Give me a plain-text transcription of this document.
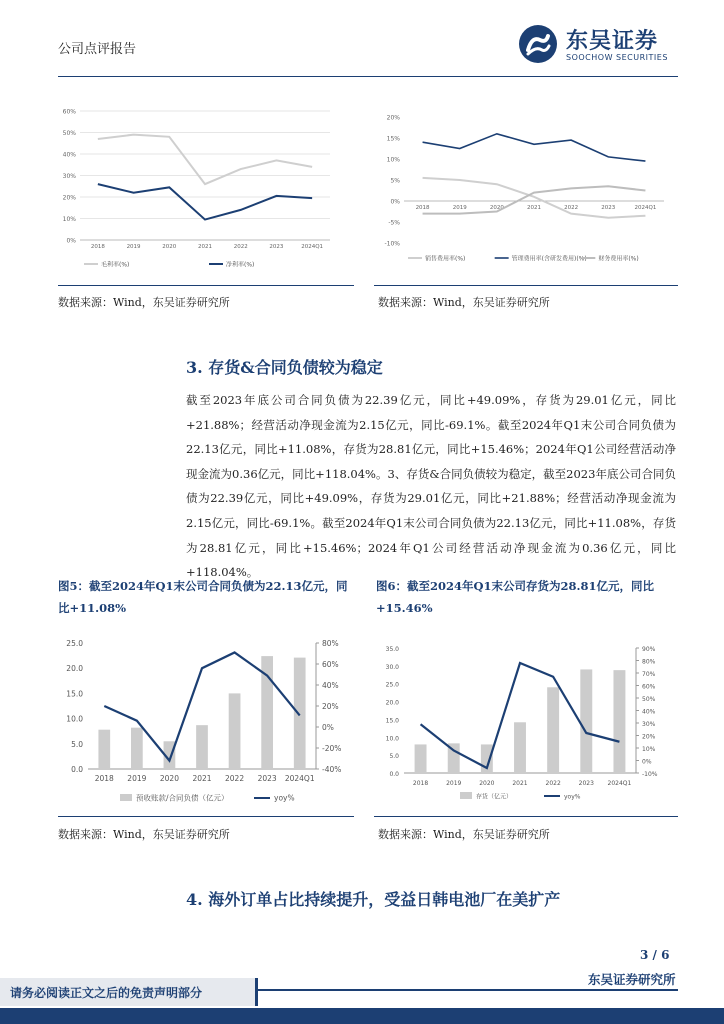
公司点评报告	东吴证券
SOOCHOW SECURITIES
0%
10%
20%
30%
40%
50%
60%
2018	2019	2020	2021	2022	2023	2024Q1
毛利率(%)	净利率(%)
-10%
-5%
0%
5%
10%
15%
20%
2018	2019	2020	2021	2022	2023	2024Q1
销售费用率(%)	管理费用率(含研发费用)(%) 财务费用率(%)
数据来源：Wind，东吴证券研究所	数据来源：Wind，东吴证券研究所
3. 存货&合同负债较为稳定
截至2023年底公司合同负债为22.39亿元，同比+49.09%，存货为29.01亿元，同比+21.88%；经营活动净现金流为2.15亿元，同比-69.1%。截至2024年Q1末公司合同负债为22.13亿元，同比+11.08%，存货为28.81亿元，同比+15.46%；2024年Q1公司经营活动净现金流为0.36亿元，同比+118.04%。3、存货&合同负债较为稳定，截至2023年底公司合同负债为22.39亿元，同比+49.09%，存货为29.01亿元，同比+21.88%；经营活动净现金流为2.15亿元，同比-69.1%。截至2024年Q1末公司合同负债为22.13亿元，同比+11.08%，存货为28.81亿元，同比+15.46%；2024年Q1公司经营活动净现金流为0.36亿元，同比+118.04%。
图5：截至2024年Q1末公司合同负债为22.13亿元，同比+11.08%
图6：截至2024年Q1末公司存货为28.81亿元，同比+15.46%
0.0
5.0
10.0
15.0
20.0
25.0
-40%
-20%
0%
20%
40%
60%
80%
2018 2019 2020 2021 2022 2023 2024Q1
预收账款/合同负债（亿元）	yoy%
0.0
5.0
10.0
15.0
20.0
25.0
30.0
35.0
-10%
0%
10%
20%
30%
40%
50%
60%
70%
80%
90%
2018	2019	2020	2021	2022	2023 2024Q1
存货（亿元）	yoy%
数据来源：Wind，东吴证券研究所	数据来源：Wind，东吴证券研究所
4. 海外订单占比持续提升，受益日韩电池厂在美扩产
3 / 6
东吴证券研究所
请务必阅读正文之后的免责声明部分
